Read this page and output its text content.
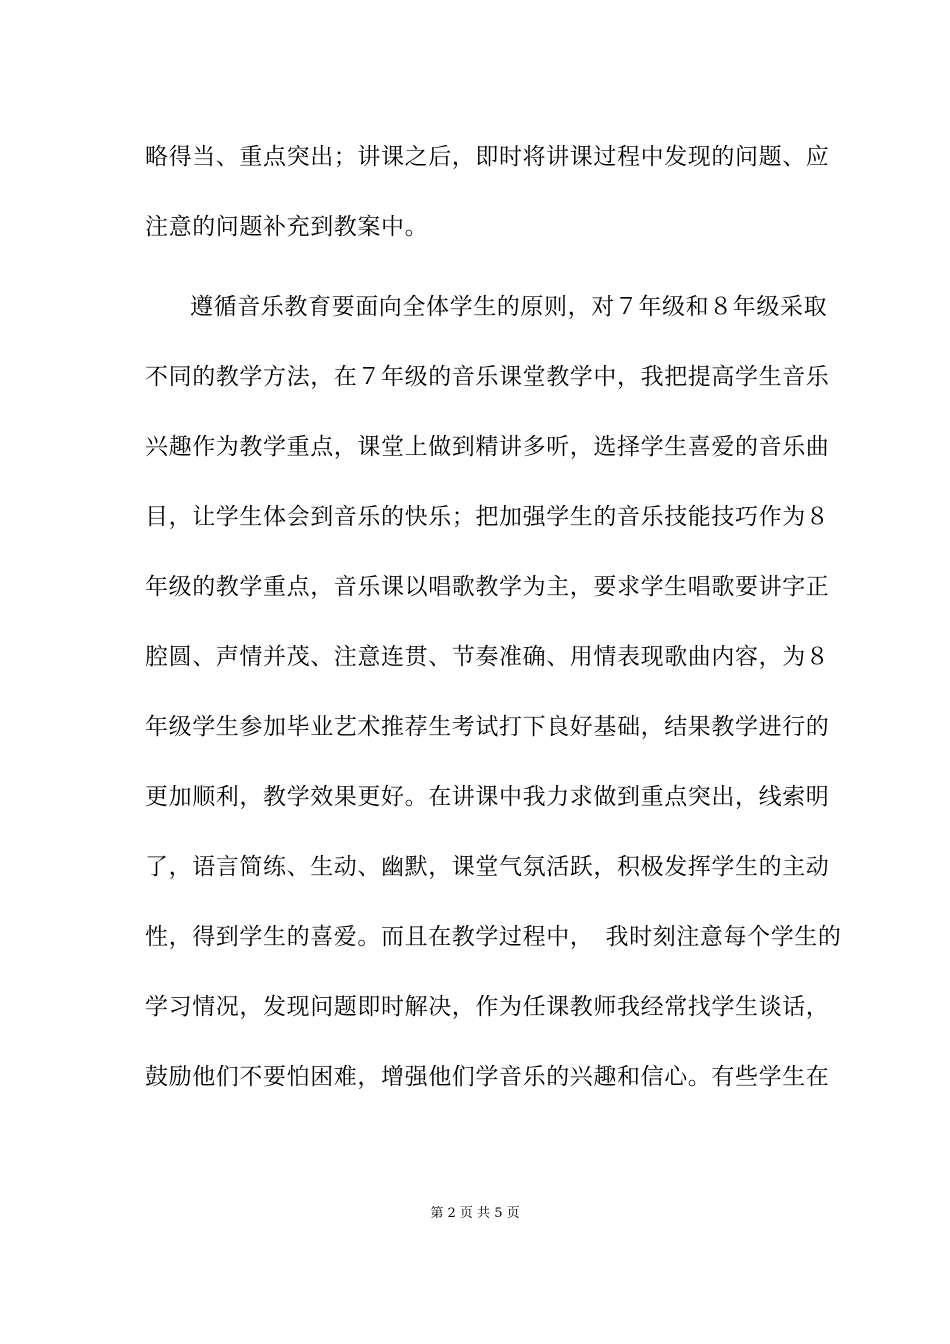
略得当、重点突出；讲课之后，即时将讲课过程中发现的问题、应
注意的问题补充到教案中。
遵循音乐教育要面向全体学生的原则，对７年级和８年级采取
不同的教学方法，在７年级的音乐课堂教学中，我把提高学生音乐
兴趣作为教学重点，课堂上做到精讲多听，选择学生喜爱的音乐曲
目，让学生体会到音乐的快乐；把加强学生的音乐技能技巧作为８
年级的教学重点，音乐课以唱歌教学为主，要求学生唱歌要讲字正
腔圆、声情并茂、注意连贯、节奏准确、用情表现歌曲内容，为８
年级学生参加毕业艺术推荐生考试打下良好基础，结果教学进行的
更加顺利，教学效果更好。在讲课中我力求做到重点突出，线索明
了，语言简练、生动、幽默，课堂气氛活跃，积极发挥学生的主动
性，得到学生的喜爱。而且在教学过程中，　我时刻注意每个学生的
学习情况，发现问题即时解决，作为任课教师我经常找学生谈话，
鼓励他们不要怕困难，增强他们学音乐的兴趣和信心。有些学生在
第 2 页 共 5 页
